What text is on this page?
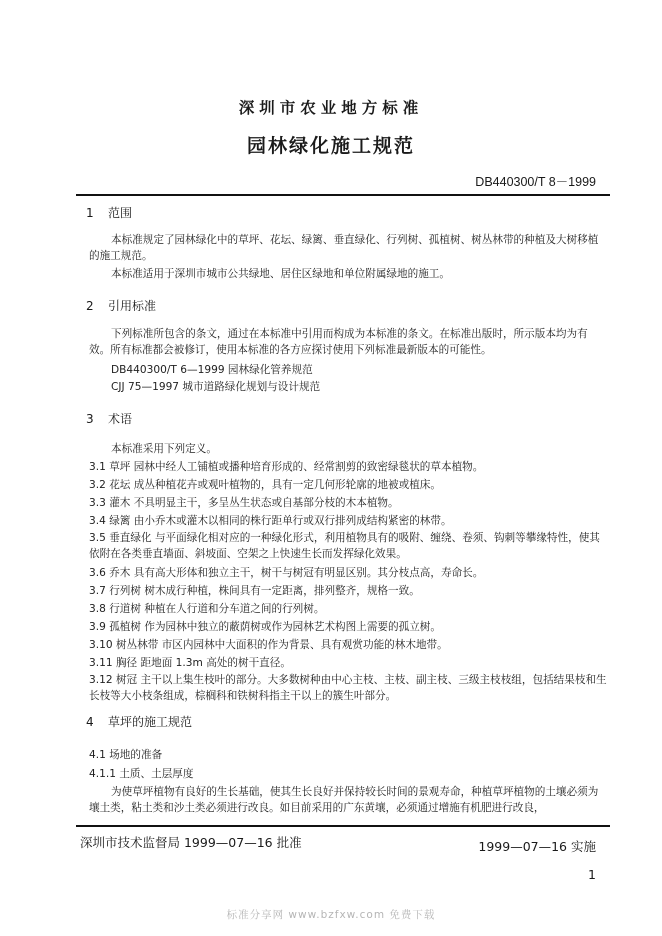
深圳市农业地方标准
园林绿化施工规范
DB440300/T 8－1999
1 范围
本标准规定了园林绿化中的草坪、花坛、绿篱、垂直绿化、行列树、孤植树、树丛林带的种植及大树移植的施工规范。
本标准适用于深圳市城市公共绿地、居住区绿地和单位附属绿地的施工。
2 引用标准
下列标准所包含的条文，通过在本标准中引用而构成为本标准的条文。在标准出版时，所示版本均为有效。所有标准都会被修订，使用本标准的各方应探讨使用下列标准最新版本的可能性。
DB440300/T 6—1999 园林绿化管养规范
CJJ 75—1997 城市道路绿化规划与设计规范
3 术语
本标准采用下列定义。
3.1 草坪 园林中经人工铺植或播种培育形成的、经常割剪的致密绿毯状的草本植物。
3.2 花坛 成丛种植花卉或观叶植物的，具有一定几何形轮廓的地被或植床。
3.3 灌木 不具明显主干，多呈丛生状态或自基部分枝的木本植物。
3.4 绿篱 由小乔木或灌木以相同的株行距单行或双行排列成结构紧密的林带。
3.5 垂直绿化 与平面绿化相对应的一种绿化形式，利用植物具有的吸附、缠绕、卷须、钩刺等攀缘特性，使其依附在各类垂直墙面、斜坡面、空架之上快速生长而发挥绿化效果。
3.6 乔木 具有高大形体和独立主干，树干与树冠有明显区别。其分枝点高，寿命长。
3.7 行列树 树木成行种植，株间具有一定距离，排列整齐，规格一致。
3.8 行道树 种植在人行道和分车道之间的行列树。
3.9 孤植树 作为园林中独立的蔽荫树或作为园林艺术构图上需要的孤立树。
3.10 树丛林带 市区内园林中大面积的作为背景、具有观赏功能的林木地带。
3.11 胸径 距地面 1.3m 高处的树干直径。
3.12 树冠 主干以上集生枝叶的部分。大多数树种由中心主枝、主枝、副主枝、三级主枝枝组，包括结果枝和生长枝等大小枝条组成，棕榈科和铁树科指主干以上的簇生叶部分。
4 草坪的施工规范
4.1 场地的准备
4.1.1 土质、土层厚度
为使草坪植物有良好的生长基础，使其生长良好并保持较长时间的景观寿命，种植草坪植物的土壤必须为壤土类，粘土类和沙土类必须进行改良。如目前采用的广东黄壤，必须通过增施有机肥进行改良，
深圳市技术监督局 1999—07—16 批准	1999—07—16 实施
1
标准分享网 www.bzfxw.com 免费下载
